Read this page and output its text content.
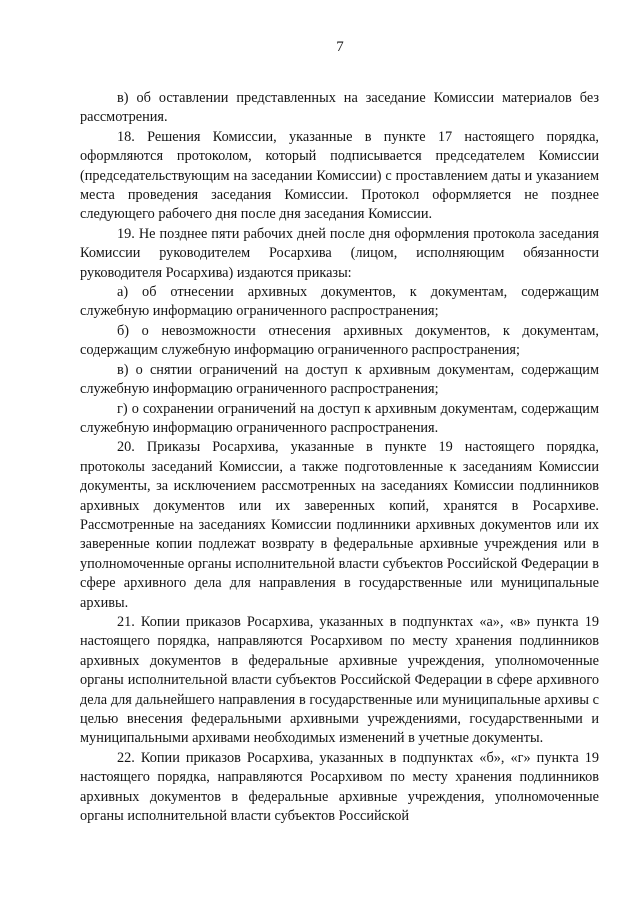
7

в) об оставлении представленных на заседание Комиссии материалов без рассмотрения.

18. Решения Комиссии, указанные в пункте 17 настоящего порядка, оформляются протоколом, который подписывается председателем Комиссии (председательствующим на заседании Комиссии) с проставлением даты и указанием места проведения заседания Комиссии. Протокол оформляется не позднее следующего рабочего дня после дня заседания Комиссии.

19. Не позднее пяти рабочих дней после дня оформления протокола заседания Комиссии руководителем Росархива (лицом, исполняющим обязанности руководителя Росархива) издаются приказы:

а) об отнесении архивных документов, к документам, содержащим служебную информацию ограниченного распространения;

б) о невозможности отнесения архивных документов, к документам, содержащим служебную информацию ограниченного распространения;

в) о снятии ограничений на доступ к архивным документам, содержащим служебную информацию ограниченного распространения;

г) о сохранении ограничений на доступ к архивным документам, содержащим служебную информацию ограниченного распространения.

20. Приказы Росархива, указанные в пункте 19 настоящего порядка, протоколы заседаний Комиссии, а также подготовленные к заседаниям Комиссии документы, за исключением рассмотренных на заседаниях Комиссии подлинников архивных документов или их заверенных копий, хранятся в Росархиве. Рассмотренные на заседаниях Комиссии подлинники архивных документов или их заверенные копии подлежат возврату в федеральные архивные учреждения или в уполномоченные органы исполнительной власти субъектов Российской Федерации в сфере архивного дела для направления в государственные или муниципальные архивы.

21. Копии приказов Росархива, указанных в подпунктах «а», «в» пункта 19 настоящего порядка, направляются Росархивом по месту хранения подлинников архивных документов в федеральные архивные учреждения, уполномоченные органы исполнительной власти субъектов Российской Федерации в сфере архивного дела для дальнейшего направления в государственные или муниципальные архивы с целью внесения федеральными архивными учреждениями, государственными и муниципальными архивами необходимых изменений в учетные документы.

22. Копии приказов Росархива, указанных в подпунктах «б», «г» пункта 19 настоящего порядка, направляются Росархивом по месту хранения подлинников архивных документов в федеральные архивные учреждения, уполномоченные органы исполнительной власти субъектов Российской
